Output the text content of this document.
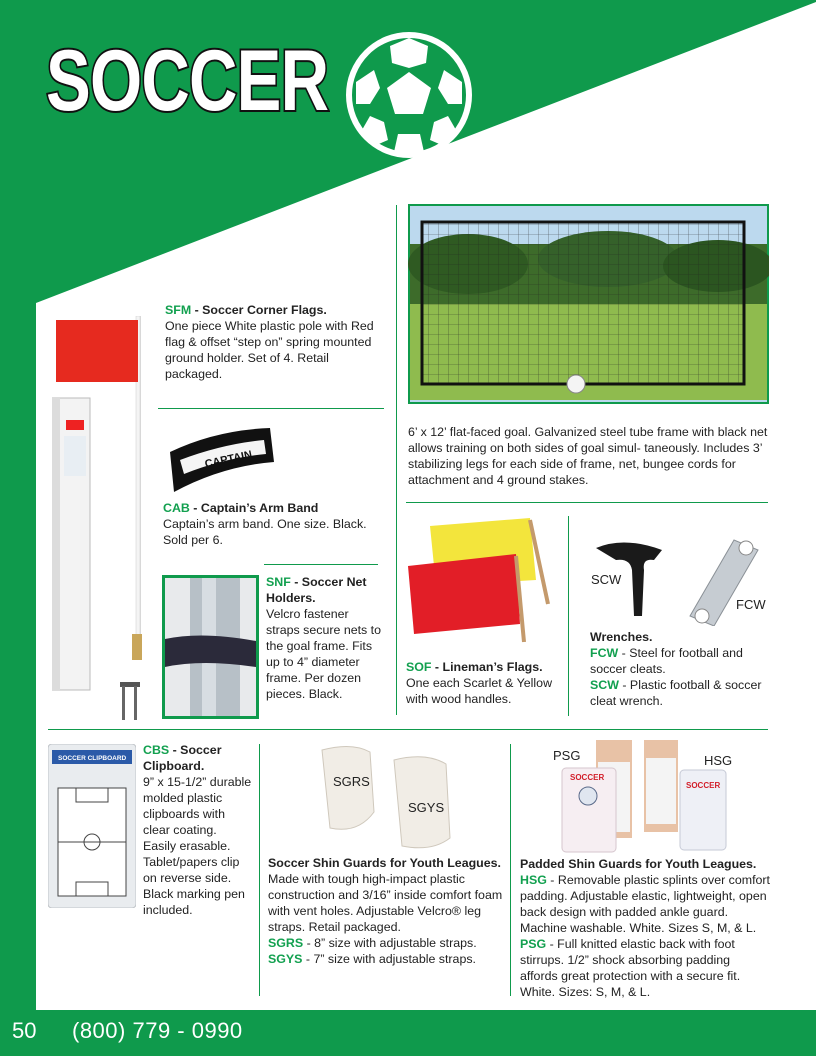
SOCCER
SFM - Soccer Corner Flags.
One piece White plastic pole with Red flag & offset “step on” spring mounted ground holder. Set of 4. Retail packaged.
6’ x 12’ flat-faced goal. Galvanized steel tube frame with black net allows training on both sides of goal simul- taneously. Includes 3’ stabilizing legs for each side of frame, net, bungee cords for attachment and 4 ground stakes.
CAPTAIN
CAB - Captain’s Arm Band
Captain’s arm band. One size. Black. Sold per 6.
SNF - Soccer Net Holders.
Velcro fastener straps secure nets to the goal frame. Fits up to 4” diameter frame. Per dozen pieces. Black.
SOF - Lineman’s Flags.
One each Scarlet & Yellow with wood handles.
SCW
FCW
Wrenches.
FCW - Steel for football and soccer cleats.
SCW - Plastic football & soccer cleat wrench.
SOCCER CLIPBOARD
CBS - Soccer Clipboard.
9” x 15-1/2” durable molded plastic clipboards with clear coating. Easily erasable. Tablet/papers clip on reverse side. Black marking pen included.
SGRS
SGYS
Soccer Shin Guards for Youth Leagues.
Made with tough high-impact plastic construction and 3/16” inside comfort foam with vent holes. Adjustable Velcro® leg straps. Retail packaged.
SGRS - 8” size with adjustable straps.
SGYS - 7” size with adjustable straps.
SOCCER
SOCCER
PSG	HSG
Padded Shin Guards for Youth Leagues.
HSG - Removable plastic splints over comfort padding. Adjustable elastic, lightweight, open back design with padded ankle guard. Machine washable. White. Sizes S, M, & L.
PSG - Full knitted elastic back with foot stirrups. 1/2” shock absorbing padding affords great protection with a secure fit. White. Sizes: S, M, & L.
50 (800) 779 - 0990
